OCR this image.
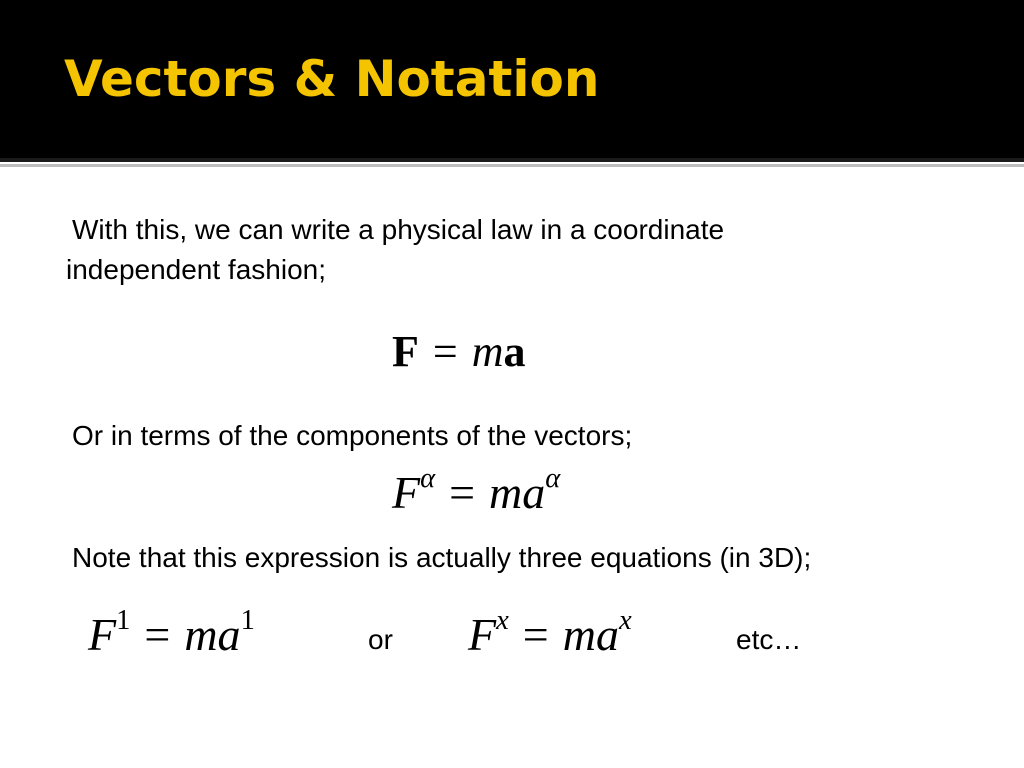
Vectors & Notation

With this, we can write a physical law in a coordinate

independent fashion;

F = ma

Or in terms of the components of the vectors;

$F^\alpha = ma^\alpha$

Note that this expression is actually three equations (in 3D);

$F^1 = ma^1$

or $F^x = ma^x$

etc…
